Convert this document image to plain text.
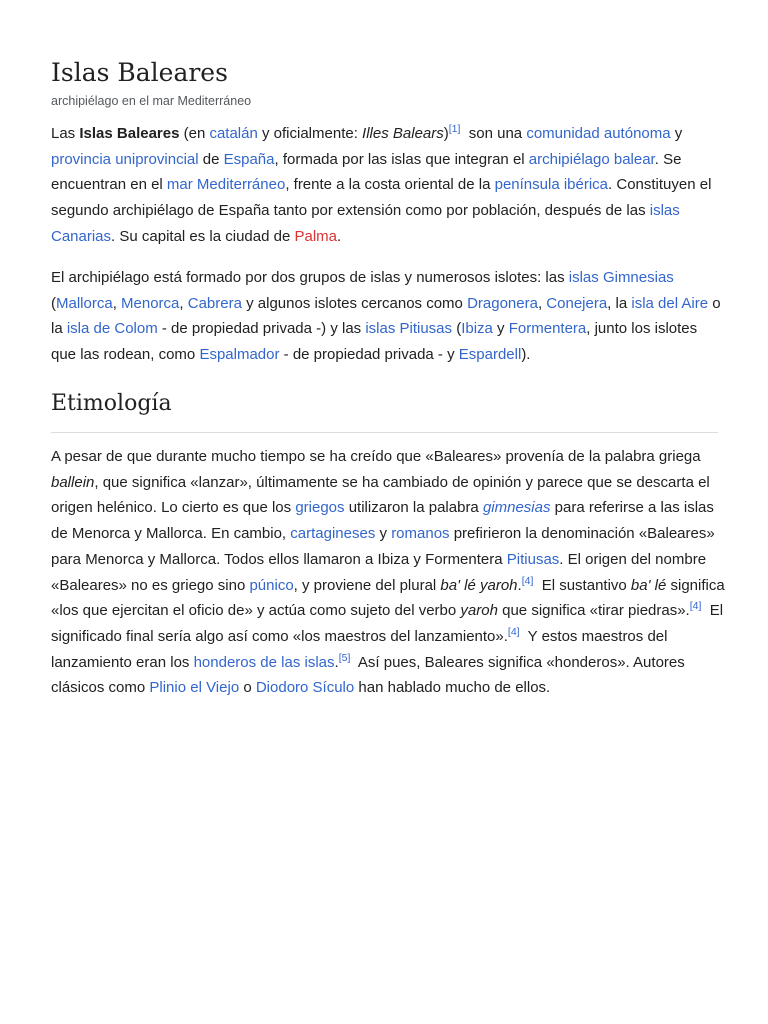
Islas Baleares
archipiélago en el mar Mediterráneo

Las Islas Baleares (en catalán y oficialmente: Illes Balears)[1]  son una comunidad autónoma y
provincia uniprovincial de España, formada por las islas que integran el archipiélago balear. Se
encuentran en el mar Mediterráneo, frente a la costa oriental de la península ibérica. Constituyen el
segundo archipiélago de España tanto por extensión como por población, después de las islas
Canarias. Su capital es la ciudad de Palma.

El archipiélago está formado por dos grupos de islas y numerosos islotes: las islas Gimnesias
(Mallorca, Menorca, Cabrera y algunos islotes cercanos como Dragonera, Conejera, la isla del Aire o
la isla de Colom - de propiedad privada -) y las islas Pitiusas (Ibiza y Formentera, junto los islotes
que las rodean, como Espalmador - de propiedad privada - y Espardell).

Etimología

A pesar de que durante mucho tiempo se ha creído que «Baleares» provenía de la palabra griega
ballein, que significa «lanzar», últimamente se ha cambiado de opinión y parece que se descarta el
origen helénico. Lo cierto es que los griegos utilizaron la palabra gimnesias para referirse a las islas
de Menorca y Mallorca. En cambio, cartagineses y romanos prefirieron la denominación «Baleares»
para Menorca y Mallorca. Todos ellos llamaron a Ibiza y Formentera Pitiusas. El origen del nombre
«Baleares» no es griego sino púnico, y proviene del plural ba' lé yaroh.[4]  El sustantivo ba' lé significa
«los que ejercitan el oficio de» y actúa como sujeto del verbo yaroh que significa «tirar piedras».[4]  El
significado final sería algo así como «los maestros del lanzamiento».[4]  Y estos maestros del
lanzamiento eran los honderos de las islas.[5]  Así pues, Baleares significa «honderos». Autores
clásicos como Plinio el Viejo o Diodoro Sículo han hablado mucho de ellos.
